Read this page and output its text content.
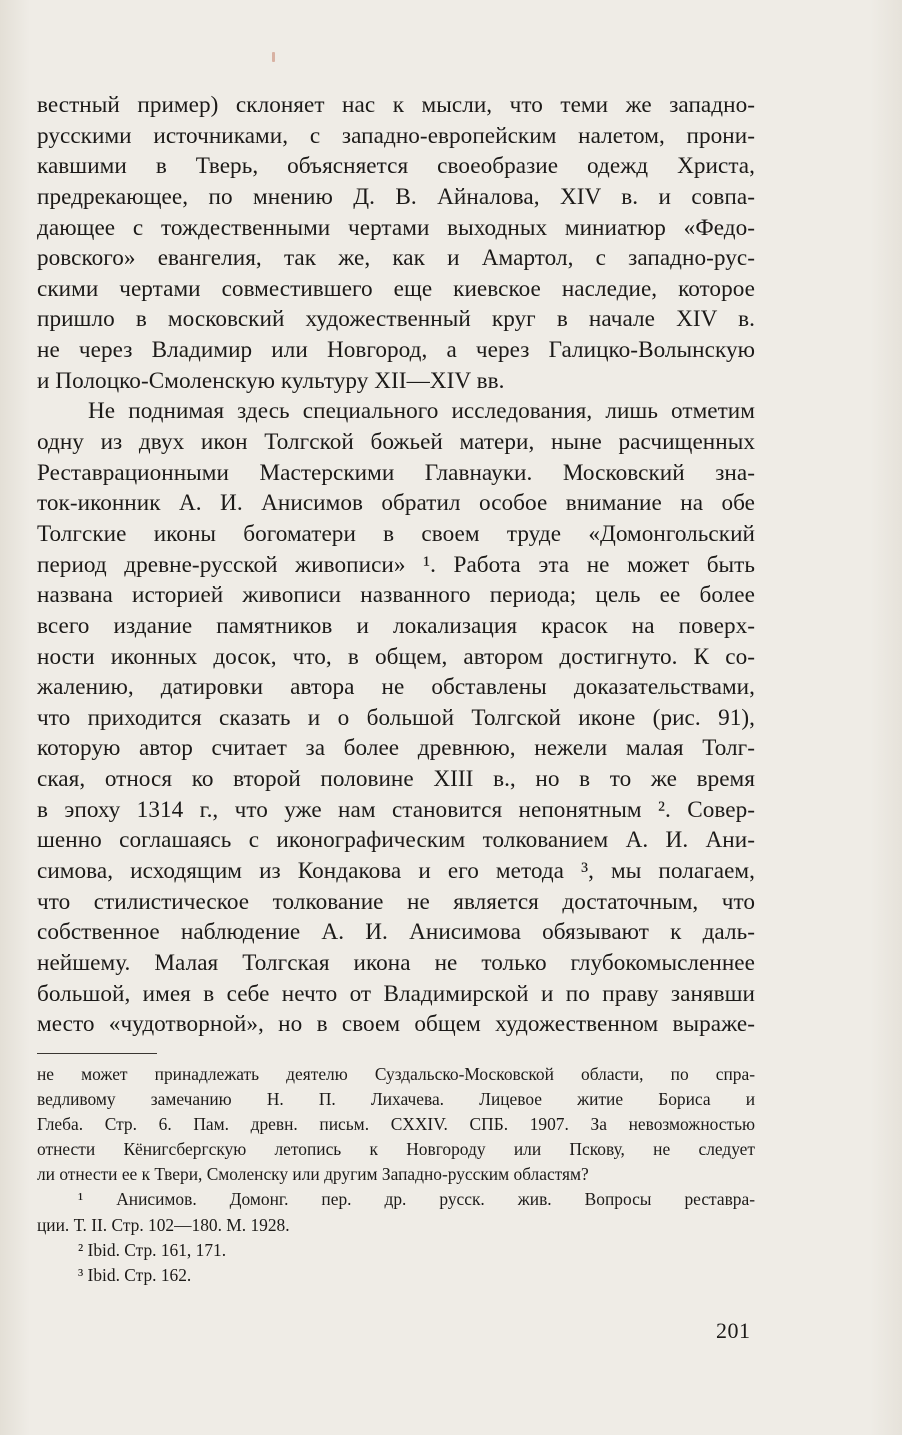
вестный пример) склоняет нас к мысли, что теми же западно-
русскими источниками, с западно-европейским налетом, прони-
кавшими в Тверь, объясняется своеобразие одежд Христа,
предрекающее, по мнению Д. В. Айналова, XIV в. и совпа-
дающее с тождественными чертами выходных миниатюр «Федо-
ровского» евангелия, так же, как и Амартол, с западно-рус-
скими чертами совместившего еще киевское наследие, которое
пришло в московский художественный круг в начале XIV в.
не через Владимир или Новгород, а через Галицко-Волынскую
и Полоцко-Смоленскую культуру XII—XIV вв.
Не поднимая здесь специального исследования, лишь отметим
одну из двух икон Толгской божьей матери, ныне расчищенных
Реставрационными Мастерскими Главнауки. Московский зна-
ток-иконник А. И. Анисимов обратил особое внимание на обе
Толгские иконы богоматери в своем труде «Домонгольский
период древне-русской живописи» ¹. Работа эта не может быть
названа историей живописи названного периода; цель ее более
всего издание памятников и локализация красок на поверх-
ности иконных досок, что, в общем, автором достигнуто. К со-
жалению, датировки автора не обставлены доказательствами,
что приходится сказать и о большой Толгской иконе (рис. 91),
которую автор считает за более древнюю, нежели малая Толг-
ская, относя ко второй половине XIII в., но в то же время
в эпоху 1314 г., что уже нам становится непонятным ². Совер-
шенно соглашаясь с иконографическим толкованием А. И. Ани-
симова, исходящим из Кондакова и его метода ³, мы полагаем,
что стилистическое толкование не является достаточным, что
собственное наблюдение А. И. Анисимова обязывают к даль-
нейшему. Малая Толгская икона не только глубокомысленнее
большой, имея в себе нечто от Владимирской и по праву занявши
место «чудотворной», но в своем общем художественном выраже-
не может принадлежать деятелю Суздальско-Московской области, по спра-
ведливому замечанию Н. П. Лихачева. Лицевое житие Бориса и
Глеба. Стр. 6. Пам. древн. письм. CXXIV. СПБ. 1907. За невозможностью
отнести Кёнигсбергскую летопись к Новгороду или Пскову, не следует
ли отнести ее к Твери, Смоленску или другим Западно-русским областям?
¹ Анисимов. Домонг. пер. др. русск. жив. Вопросы реставра-
ции. Т. II. Стр. 102—180. М. 1928.
² Ibid. Стр. 161, 171.
³ Ibid. Стр. 162.
201
